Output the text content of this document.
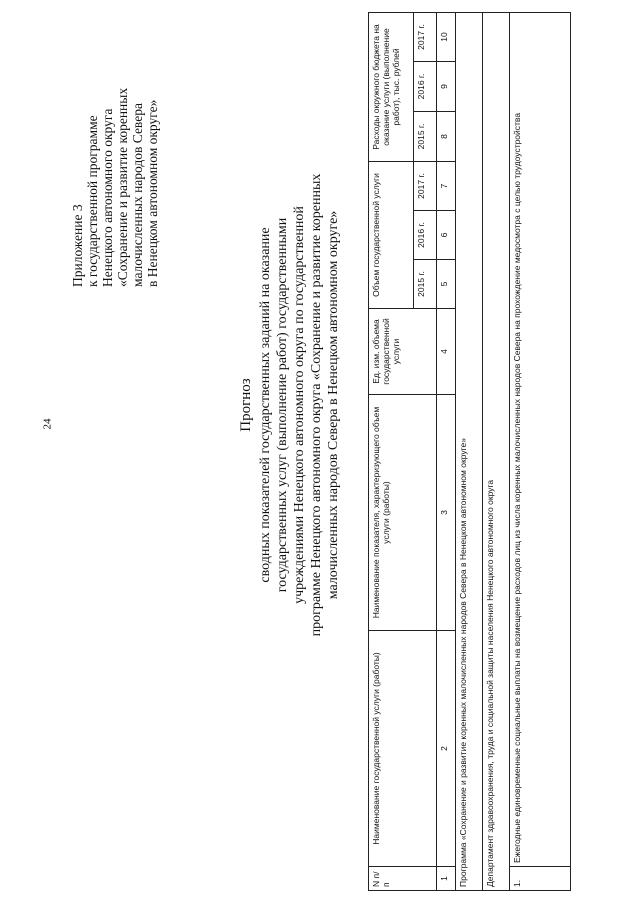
24
Приложение 3 к государственной программе Ненецкого автономного округа «Сохранение и развитие коренных малочисленных народов Севера в Ненецком автономном округе»
Прогноз сводных показателей государственных заданий на оказание государственных услуг (выполнение работ) государственными учреждениями Ненецкого автономного округа по государственной программе Ненецкого автономного округа «Сохранение и развитие коренных малочисленных народов Севера в Ненецком автономном округе»
N п/п	Наименование государственной услуги (работы)	Наименование показателя, характеризующего объем услуги (работы)	Ед. изм. объема государственной услуги	Объем государственной услуги			Расходы окружного бюджета на оказание услуги (выполнение работ), тыс. рублей		
				2015 г.	2016 г.	2017 г.	2015 г.	2016 г.	2017 г.
1	2	3	4	5	6	7	8	9	10
Программа «Сохранение и развитие коренных малочисленных народов Севера в Ненецком автономном округе»									
Департамент здравоохранения, труда и социальной защиты населения Ненецкого автономного округа									
1.	Ежегодные единовременные социальные выплаты на возмещение расходов лиц из числа коренных малочисленных народов Севера на прохождение медосмотра с целью трудоустройства								
